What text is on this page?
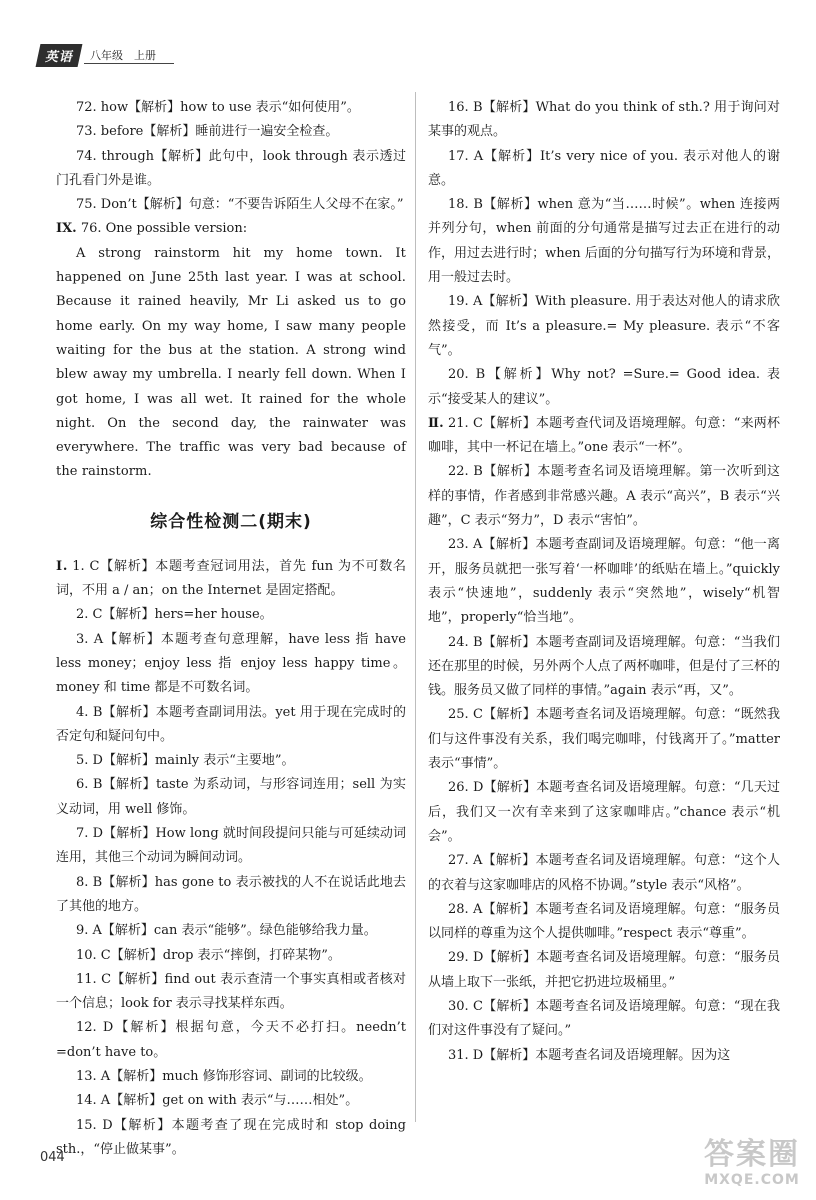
英语	八年级　上册

72. how【解析】how to use 表示“如何使用”。

73. before【解析】睡前进行一遍安全检查。

74. through【解析】此句中，look through 表示透过门孔看门外是谁。

75. Don’t【解析】句意：“不要告诉陌生人父母不在家。”

IX. 76. One possible version:

A strong rainstorm hit my home town. It happened on June 25th last year. I was at school. Because it rained heavily, Mr Li asked us to go home early. On my way home, I saw many people waiting for the bus at the station. A strong wind blew away my umbrella. I nearly fell down. When I got home, I was all wet. It rained for the whole night. On the second day, the rainwater was everywhere. The traffic was very bad because of the rainstorm.

综合性检测二(期末)

Ⅰ. 1. C【解析】本题考查冠词用法，首先 fun 为不可数名词，不用 a / an；on the Internet 是固定搭配。

2. C【解析】hers=her house。

3. A【解析】本题考查句意理解，have less 指 have less money；enjoy less 指 enjoy less happy time。money 和 time 都是不可数名词。

4. B【解析】本题考查副词用法。yet 用于现在完成时的否定句和疑问句中。

5. D【解析】mainly 表示“主要地”。

6. B【解析】taste 为系动词，与形容词连用；sell 为实义动词，用 well 修饰。

7. D【解析】How long 就时间段提问只能与可延续动词连用，其他三个动词为瞬间动词。

8. B【解析】has gone to 表示被找的人不在说话此地去了其他的地方。

9. A【解析】can 表示“能够”。绿色能够给我力量。

10. C【解析】drop 表示“摔倒，打碎某物”。

11. C【解析】find out 表示查清一个事实真相或者核对一个信息；look for 表示寻找某样东西。

12. D【解析】根据句意，今天不必打扫。needn’t =don’t have to。

13. A【解析】much 修饰形容词、副词的比较级。

14. A【解析】get on with 表示“与……相处”。

15. D【解析】本题考查了现在完成时和 stop doing sth.，“停止做某事”。

16. B【解析】What do you think of sth.? 用于询问对某事的观点。

17. A【解析】It’s very nice of you. 表示对他人的谢意。

18. B【解析】when 意为“当……时候”。when 连接两并列分句，when 前面的分句通常是描写过去正在进行的动作，用过去进行时；when 后面的分句描写行为环境和背景，用一般过去时。

19. A【解析】With pleasure. 用于表达对他人的请求欣然接受，而 It’s a pleasure.= My pleasure. 表示“不客气”。

20. B【解析】Why not? =Sure.= Good idea. 表示“接受某人的建议”。

Ⅱ. 21. C【解析】本题考查代词及语境理解。句意：“来两杯咖啡，其中一杯记在墙上。”one 表示“一杯”。

22. B【解析】本题考查名词及语境理解。第一次听到这样的事情，作者感到非常感兴趣。A 表示“高兴”，B 表示“兴趣”，C 表示“努力”，D 表示“害怕”。

23. A【解析】本题考查副词及语境理解。句意：“他一离开，服务员就把一张写着‘一杯咖啡’的纸贴在墙上。”quickly 表示“快速地”，suddenly 表示“突然地”，wisely“机智地”，properly“恰当地”。

24. B【解析】本题考查副词及语境理解。句意：“当我们还在那里的时候，另外两个人点了两杯咖啡，但是付了三杯的钱。服务员又做了同样的事情。”again 表示“再，又”。

25. C【解析】本题考查名词及语境理解。句意：“既然我们与这件事没有关系，我们喝完咖啡，付钱离开了。”matter 表示“事情”。

26. D【解析】本题考查名词及语境理解。句意：“几天过后，我们又一次有幸来到了这家咖啡店。”chance 表示“机会”。

27. A【解析】本题考查名词及语境理解。句意：“这个人的衣着与这家咖啡店的风格不协调。”style 表示“风格”。

28. A【解析】本题考查名词及语境理解。句意：“服务员以同样的尊重为这个人提供咖啡。”respect 表示“尊重”。

29. D【解析】本题考查名词及语境理解。句意：“服务员从墙上取下一张纸，并把它扔进垃圾桶里。”

30. C【解析】本题考查名词及语境理解。句意：“现在我们对这件事没有了疑问。”

31. D【解析】本题考查名词及语境理解。因为这

044	答案圈
MXQE.COM
